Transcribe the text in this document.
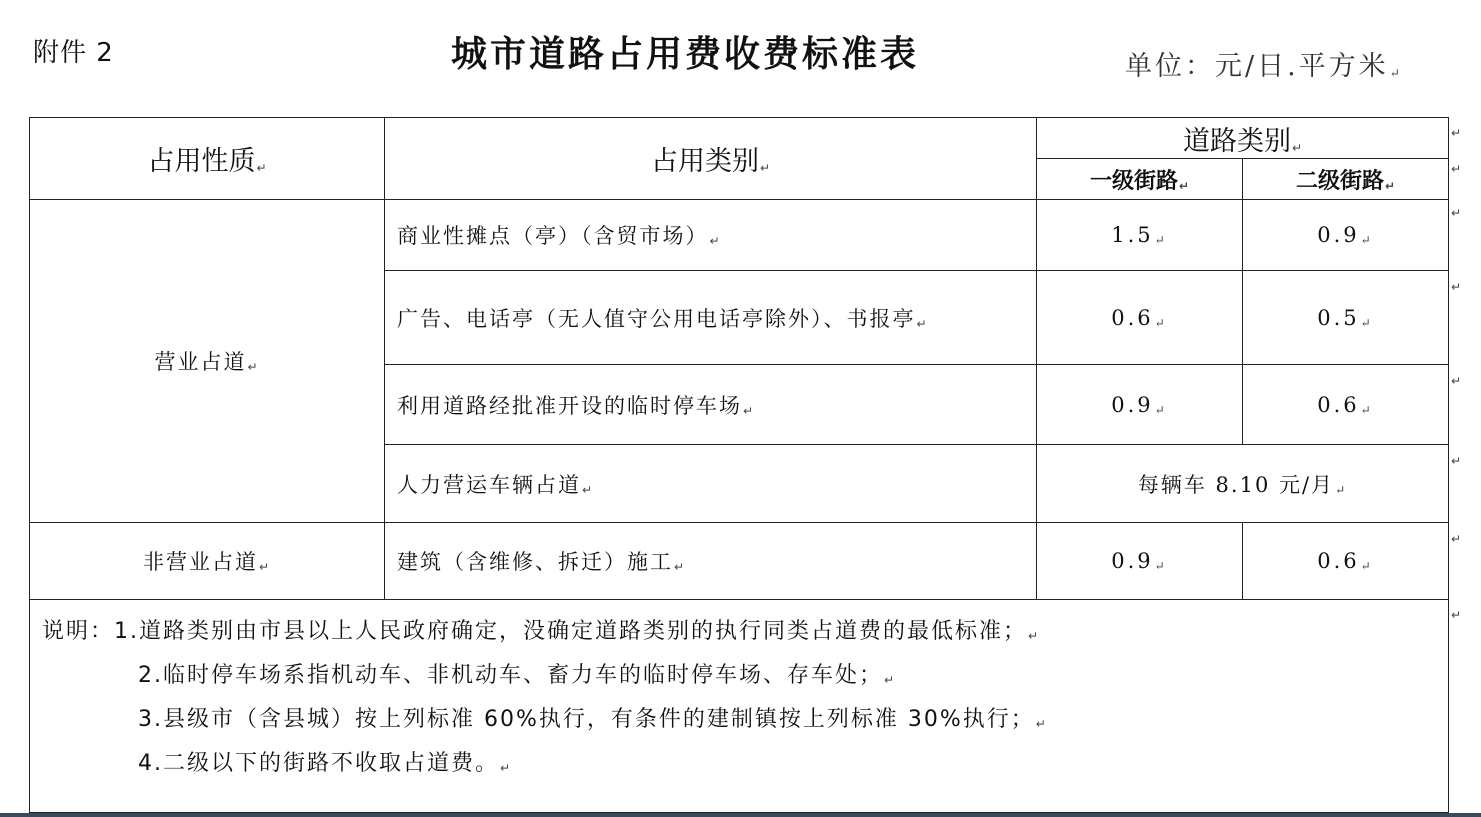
附件 2	城市道路占用费收费标准表	单位：元/日.平方米↵
占用性质↵	占用类别↵	道路类别↵	
		一级街路↵	二级街路↵
营业占道↵	商业性摊点（亭）（含贸市场）↵	1.5↵	0.9↵
	广告、电话亭（无人值守公用电话亭除外）、书报亭↵	0.6↵	0.5↵
	利用道路经批准开设的临时停车场↵	0.9↵	0.6↵
	人力营运车辆占道↵	每辆车 8.10 元/月↵	
非营业占道↵	建筑（含维修、拆迁）施工↵	0.9↵	0.6↵

说明：1.道路类别由市县以上人民政府确定，没确定道路类别的执行同类占道费的最低标准；↵
2.临时停车场系指机动车、非机动车、畜力车的临时停车场、存车处；↵
3.县级市（含县城）按上列标准 60%执行，有条件的建制镇按上列标准 30%执行；↵
4.二级以下的街路不收取占道费。↵			
↵
↵
↵
↵
↵
↵
↵
↵
